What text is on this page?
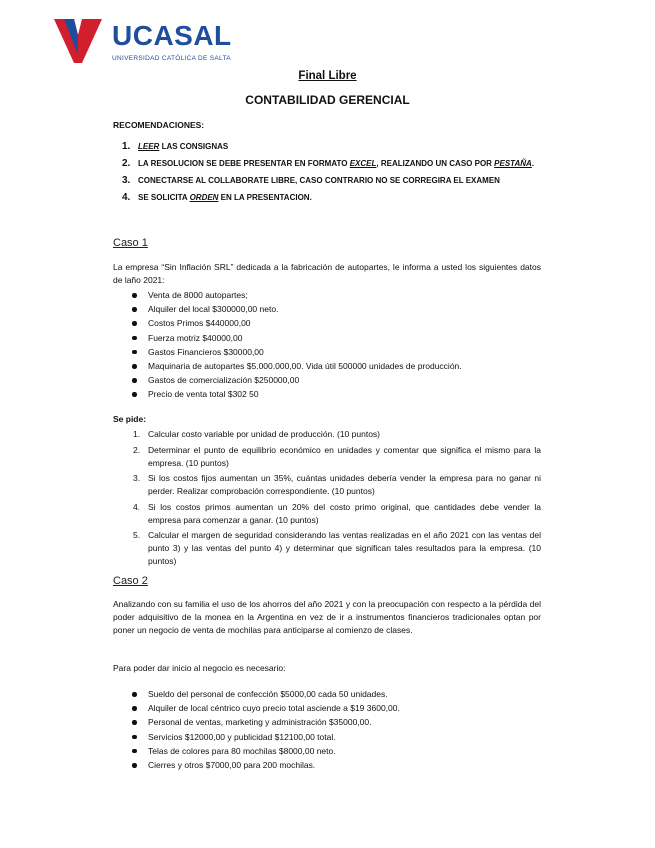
UCASAL
UNIVERSIDAD CATÓLICA DE SALTA
Final Libre
CONTABILIDAD GERENCIAL
RECOMENDACIONES:
1. LEER LAS CONSIGNAS
2. LA RESOLUCION SE DEBE PRESENTAR EN FORMATO EXCEL, REALIZANDO UN CASO POR PESTAÑA.
3. CONECTARSE AL COLLABORATE LIBRE, CASO CONTRARIO NO SE CORREGIRA EL EXAMEN
4. SE SOLICITA ORDEN EN LA PRESENTACION.
Caso 1

La empresa “Sin Inflación SRL” dedicada a la fabricación de autopartes, le informa a usted los siguientes datos de laño 2021:

Venta de 8000 autopartes;
Alquiler del local $300000,00 neto.
Costos Primos $440000,00
Fuerza motriz $40000,00
Gastos Financieros $30000,00
Maquinaria de autopartes $5.000.000,00. Vida útil 500000 unidades de producción.
Gastos de comercialización $250000,00
Precio de venta total $302 50
Se pide:
1. Calcular costo variable por unidad de producción. (10 puntos)
2. Determinar el punto de equilibrio económico en unidades y comentar que significa el mismo para la empresa. (10 puntos)
3. Si los costos fijos aumentan un 35%, cuántas unidades debería vender la empresa para no ganar ni perder. Realizar comprobación correspondiente. (10 puntos)
4. Si los costos primos aumentan un 20% del costo primo original, que cantidades debe vender la empresa para comenzar a ganar. (10 puntos)
5. Calcular el margen de seguridad considerando las ventas realizadas en el año 2021 con las ventas del punto 3) y las ventas del punto 4) y determinar que significan tales resultados para la empresa. (10 puntos)
Caso 2

Analizando con su familia el uso de los ahorros del año 2021 y con la preocupación con respecto a la pérdida del poder adquisitivo de la monea en la Argentina en vez de ir a instrumentos financieros tradicionales optan por poner un negocio de venta de mochilas para anticiparse al comienzo de clases.

Para poder dar inicio al negocio es necesario:

Sueldo del personal de confección $5000,00 cada 50 unidades.
Alquiler de local céntrico cuyo precio total asciende a $19 3600,00.
Personal de ventas, marketing y administración $35000,00.
Servicios $12000,00 y publicidad $12100,00 total.
Telas de colores para 80 mochilas $8000,00 neto.
Cierres y otros $7000,00 para 200 mochilas.
